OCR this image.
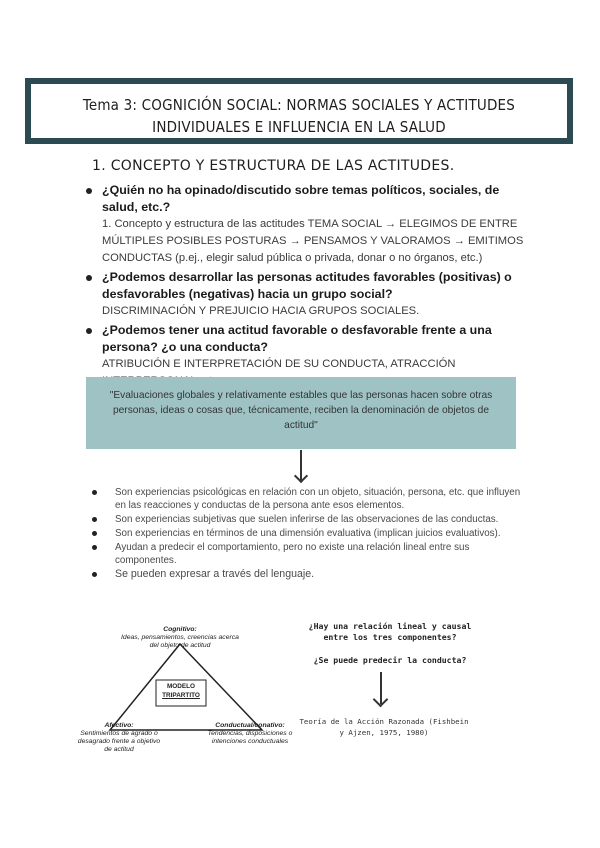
Tema 3: COGNICIÓN SOCIAL: NORMAS SOCIALES Y ACTITUDES INDIVIDUALES E INFLUENCIA EN LA SALUD
1. CONCEPTO Y ESTRUCTURA DE LAS ACTITUDES.
¿Quién no ha opinado/discutido sobre temas políticos, sociales, de salud, etc.?
1. Concepto y estructura de las actitudes TEMA SOCIAL → ELEGIMOS DE ENTRE MÚLTIPLES POSIBLES POSTURAS → PENSAMOS Y VALORAMOS → EMITIMOS CONDUCTAS (p.ej., elegir salud pública o privada, donar o no órganos, etc.)
¿Podemos desarrollar las personas actitudes favorables (positivas) o desfavorables (negativas) hacia un grupo social?
DISCRIMINACIÓN Y PREJUICIO HACIA GRUPOS SOCIALES.
¿Podemos tener una actitud favorable o desfavorable frente a una persona? ¿o una conducta?
ATRIBUCIÓN E INTERPRETACIÓN DE SU CONDUCTA, ATRACCIÓN
"Evaluaciones globales y relativamente estables que las personas hacen sobre otras personas, ideas o cosas que, técnicamente, reciben la denominación de objetos de actitud"
Son experiencias psicológicas en relación con un objeto, situación, persona, etc. que influyen en las reacciones y conductas de la persona ante esos elementos.
Son experiencias subjetivas que suelen inferirse de las observaciones de las conductas.
Son experiencias en términos de una dimensión evaluativa (implican juicios evaluativos).
Ayudan a predecir el comportamiento, pero no existe una relación lineal entre sus componentes.
Se pueden expresar a través del lenguaje.
MODELO
TRIPARTITO
Cognitivo:
Ideas, pensamientos, creencias acerca del objeto de actitud
Afectivo:
Sentimientos de agrado o desagrado frente a objetivo de actitud
Conductual/conativo:
Tendencias, disposiciones o intenciones conductuales
¿Hay una relación lineal y causal entre los tres componentes?
¿Se puede predecir la conducta?
Teoría de la Acción Razonada (Fishbein y Ajzen, 1975, 1980)
